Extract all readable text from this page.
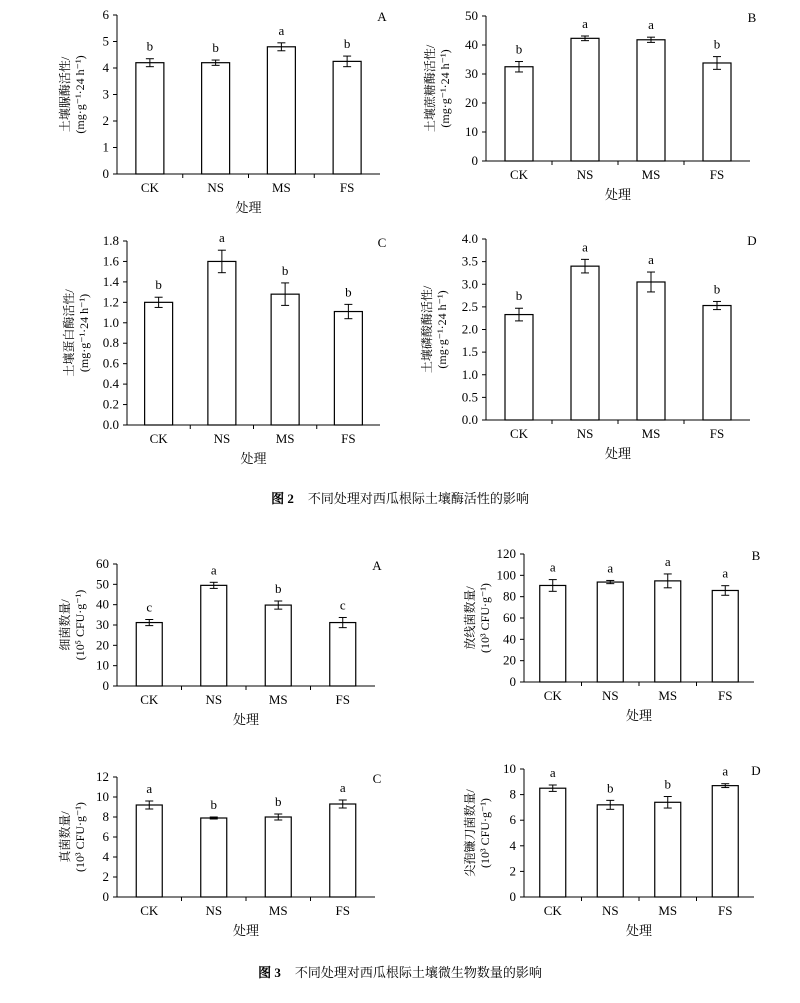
0
1
2
3
4
5
6
CK	NS	MS	FS
处理
A
土壤脲酶活性/(mg·g⁻¹·24 h⁻¹)
b	b
a
b
0
10
20
30
40
50
CK	NS	MS	FS
处理
B
土壤蔗糖酶活性/(mg·g⁻¹·24 h⁻¹)
b
a	a
b
0.0
0.2
0.4
0.6
0.8
1.0
1.2
1.4
1.6
1.8
CK	NS	MS	FS
处理
C
土壤蛋白酶活性/(mg·g⁻¹·24 h⁻¹)
b
a
b
b
0.0
0.5
1.0
1.5
2.0
2.5
3.0
3.5
4.0
CK	NS	MS	FS
处理
D
土壤磷酸酶活性/(mg·g⁻¹·24 h⁻¹)	b
a
a
b
0
10
20
30
40
50
60
CK	NS	MS	FS
处理
A
细菌数量/(10⁵ CFU·g⁻¹)	c
a
b
c
0
20
40
60
80
100
120
CK	NS	MS	FS
处理
B
放线菌数量/(10³ CFU·g⁻¹)
a	a	a
a
0
2
4
6
8
10
12
CK	NS	MS	FS
处理
C
真菌数量/(10³ CFU·g⁻¹)
a
b	b
a
0
2
4
6
8
10
CK	NS	MS	FS
处理
D
尖孢镰刀菌数量/(10³ CFU·g⁻¹)
a
b	b
a
图 2 不同处理对西瓜根际土壤酶活性的影响
图 3 不同处理对西瓜根际土壤微生物数量的影响
